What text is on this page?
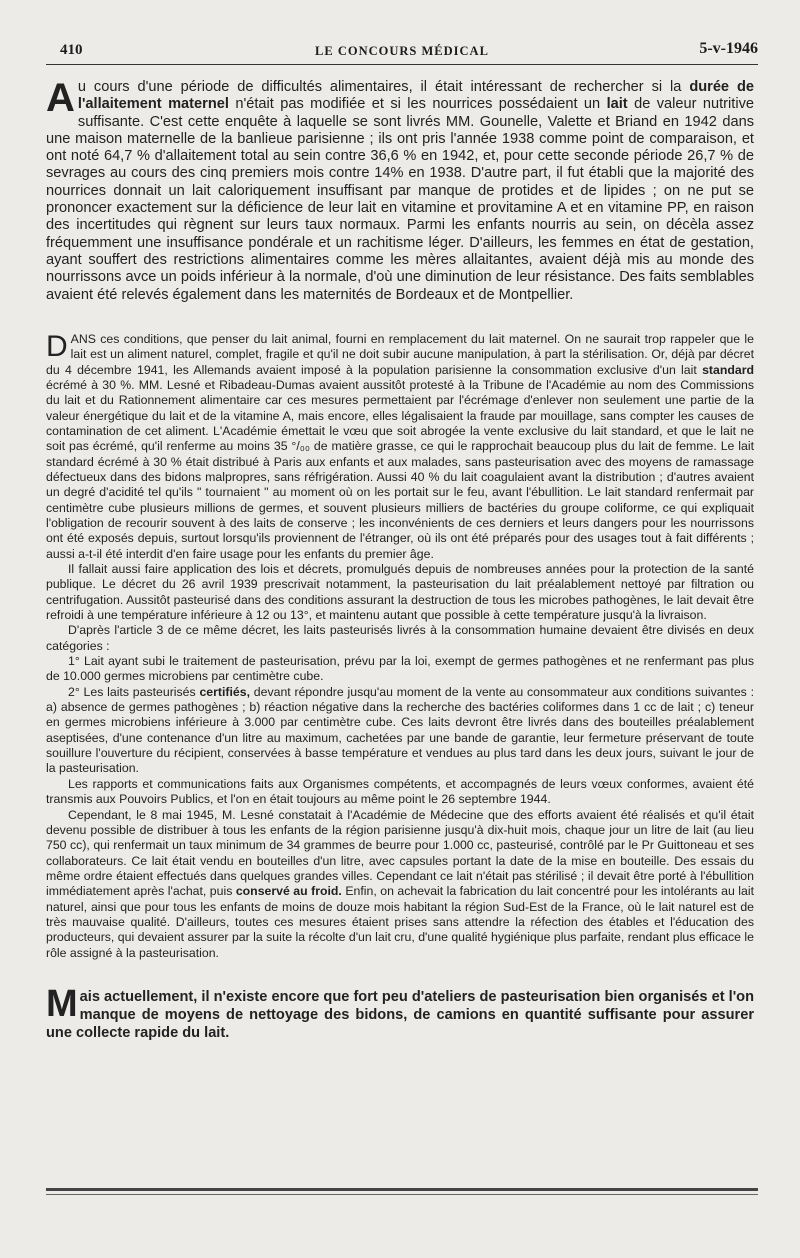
410	LE CONCOURS MÉDICAL	5-v-1946
Au cours d'une période de difficultés alimentaires, il était intéressant de rechercher si la durée de l'allaitement maternel n'était pas modifiée et si les nourrices possédaient un lait de valeur nutritive suffisante. C'est cette enquête à laquelle se sont livrés MM. Gounelle, Valette et Briand en 1942 dans une maison maternelle de la banlieue parisienne ; ils ont pris l'année 1938 comme point de comparaison, et ont noté 64,7 % d'allaitement total au sein contre 36,6 % en 1942, et, pour cette seconde période 26,7 % de sevrages au cours des cinq premiers mois contre 14% en 1938. D'autre part, il fut établi que la majorité des nourrices donnait un lait caloriquement insuffisant par manque de protides et de lipides ; on ne put se prononcer exactement sur la déficience de leur lait en vitamine et provitamine A et en vitamine PP, en raison des incertitudes qui règnent sur leurs taux normaux. Parmi les enfants nourris au sein, on décèla assez fréquemment une insuffisance pondérale et un rachitisme léger. D'ailleurs, les femmes en état de gestation, ayant souffert des restrictions alimentaires comme les mères allaitantes, avaient déjà mis au monde des nourrissons avce un poids inférieur à la normale, d'où une diminution de leur résistance. Des faits semblables avaient été relevés également dans les maternités de Bordeaux et de Montpellier.

DANS ces conditions, que penser du lait animal, fourni en remplacement du lait maternel. On ne saurait trop rappeler que le lait est un aliment naturel, complet, fragile et qu'il ne doit subir aucune manipulation, à part la stérilisation. Or, déjà par décret du 4 décembre 1941, les Allemands avaient imposé à la population parisienne la consommation exclusive d'un lait standard écrémé à 30 %. MM. Lesné et Ribadeau-Dumas avaient aussitôt protesté à la Tribune de l'Académie au nom des Commissions du lait et du Rationnement alimentaire car ces mesures permettaient par l'écrémage d'enlever non seulement une partie de la valeur énergétique du lait et de la vitamine A, mais encore, elles légalisaient la fraude par mouillage, sans compter les causes de contamination de cet aliment. L'Académie émettait le vœu que soit abrogée la vente exclusive du lait standard, et que le lait ne soit pas écrémé, qu'il renferme au moins 35 °/₀₀ de matière grasse, ce qui le rapprochait beaucoup plus du lait de femme. Le lait standard écrémé à 30 % était distribué à Paris aux enfants et aux malades, sans pasteurisation avec des moyens de ramassage défectueux dans des bidons malpropres, sans réfrigération. Aussi 40 % du lait coagulaient avant la distribution ; d'autres avaient un degré d'acidité tel qu'ils " tournaient " au moment où on les portait sur le feu, avant l'ébullition. Le lait standard renfermait par centimètre cube plusieurs millions de germes, et souvent plusieurs milliers de bactéries du groupe coliforme, ce qui expliquait l'obligation de recourir souvent à des laits de conserve ; les inconvénients de ces derniers et leurs dangers pour les nourrissons ont été exposés depuis, surtout lorsqu'ils proviennent de l'étranger, où ils ont été préparés pour des usages tout à fait différents ; aussi a-t-il été interdit d'en faire usage pour les enfants du premier âge.

Il fallait aussi faire application des lois et décrets, promulgués depuis de nombreuses années pour la protection de la santé publique. Le décret du 26 avril 1939 prescrivait notamment, la pasteurisation du lait préalablement nettoyé par filtration ou centrifugation. Aussitôt pasteurisé dans des conditions assurant la destruction de tous les microbes pathogènes, le lait devait être refroidi à une température inférieure à 12 ou 13°, et maintenu autant que possible à cette température jusqu'à la livraison.

D'après l'article 3 de ce même décret, les laits pasteurisés livrés à la consommation humaine devaient être divisés en deux catégories :

1° Lait ayant subi le traitement de pasteurisation, prévu par la loi, exempt de germes pathogènes et ne renfermant pas plus de 10.000 germes microbiens par centimètre cube.

2° Les laits pasteurisés certifiés, devant répondre jusqu'au moment de la vente au consommateur aux conditions suivantes : a) absence de germes pathogènes ; b) réaction négative dans la recherche des bactéries coliformes dans 1 cc de lait ; c) teneur en germes microbiens inférieure à 3.000 par centimètre cube. Ces laits devront être livrés dans des bouteilles préalablement aseptisées, d'une contenance d'un litre au maximum, cachetées par une bande de garantie, leur fermeture préservant de toute souillure l'ouverture du récipient, conservées à basse température et vendues au plus tard dans les deux jours, suivant le jour de la pasteurisation.

Les rapports et communications faits aux Organismes compétents, et accompagnés de leurs vœux conformes, avaient été transmis aux Pouvoirs Publics, et l'on en était toujours au même point le 26 septembre 1944.

Cependant, le 8 mai 1945, M. Lesné constatait à l'Académie de Médecine que des efforts avaient été réalisés et qu'il était devenu possible de distribuer à tous les enfants de la région parisienne jusqu'à dix-huit mois, chaque jour un litre de lait (au lieu 750 cc), qui renfermait un taux minimum de 34 grammes de beurre pour 1.000 cc, pasteurisé, contrôlé par le Pr Guittoneau et ses collaborateurs. Ce lait était vendu en bouteilles d'un litre, avec capsules portant la date de la mise en bouteille. Des essais du même ordre étaient effectués dans quelques grandes villes. Cependant ce lait n'était pas stérilisé ; il devait être porté à l'ébullition immédiatement après l'achat, puis conservé au froid. Enfin, on achevait la fabrication du lait concentré pour les intolérants au lait naturel, ainsi que pour tous les enfants de moins de douze mois habitant la région Sud-Est de la France, où le lait naturel est de très mauvaise qualité. D'ailleurs, toutes ces mesures étaient prises sans attendre la réfection des étables et l'éducation des producteurs, qui devaient assurer par la suite la récolte d'un lait cru, d'une qualité hygiénique plus parfaite, rendant plus efficace le rôle assigné à la pasteurisation.

Mais actuellement, il n'existe encore que fort peu d'ateliers de pasteurisation bien organisés et l'on manque de moyens de nettoyage des bidons, de camions en quantité suffisante pour assurer une collecte rapide du lait.
